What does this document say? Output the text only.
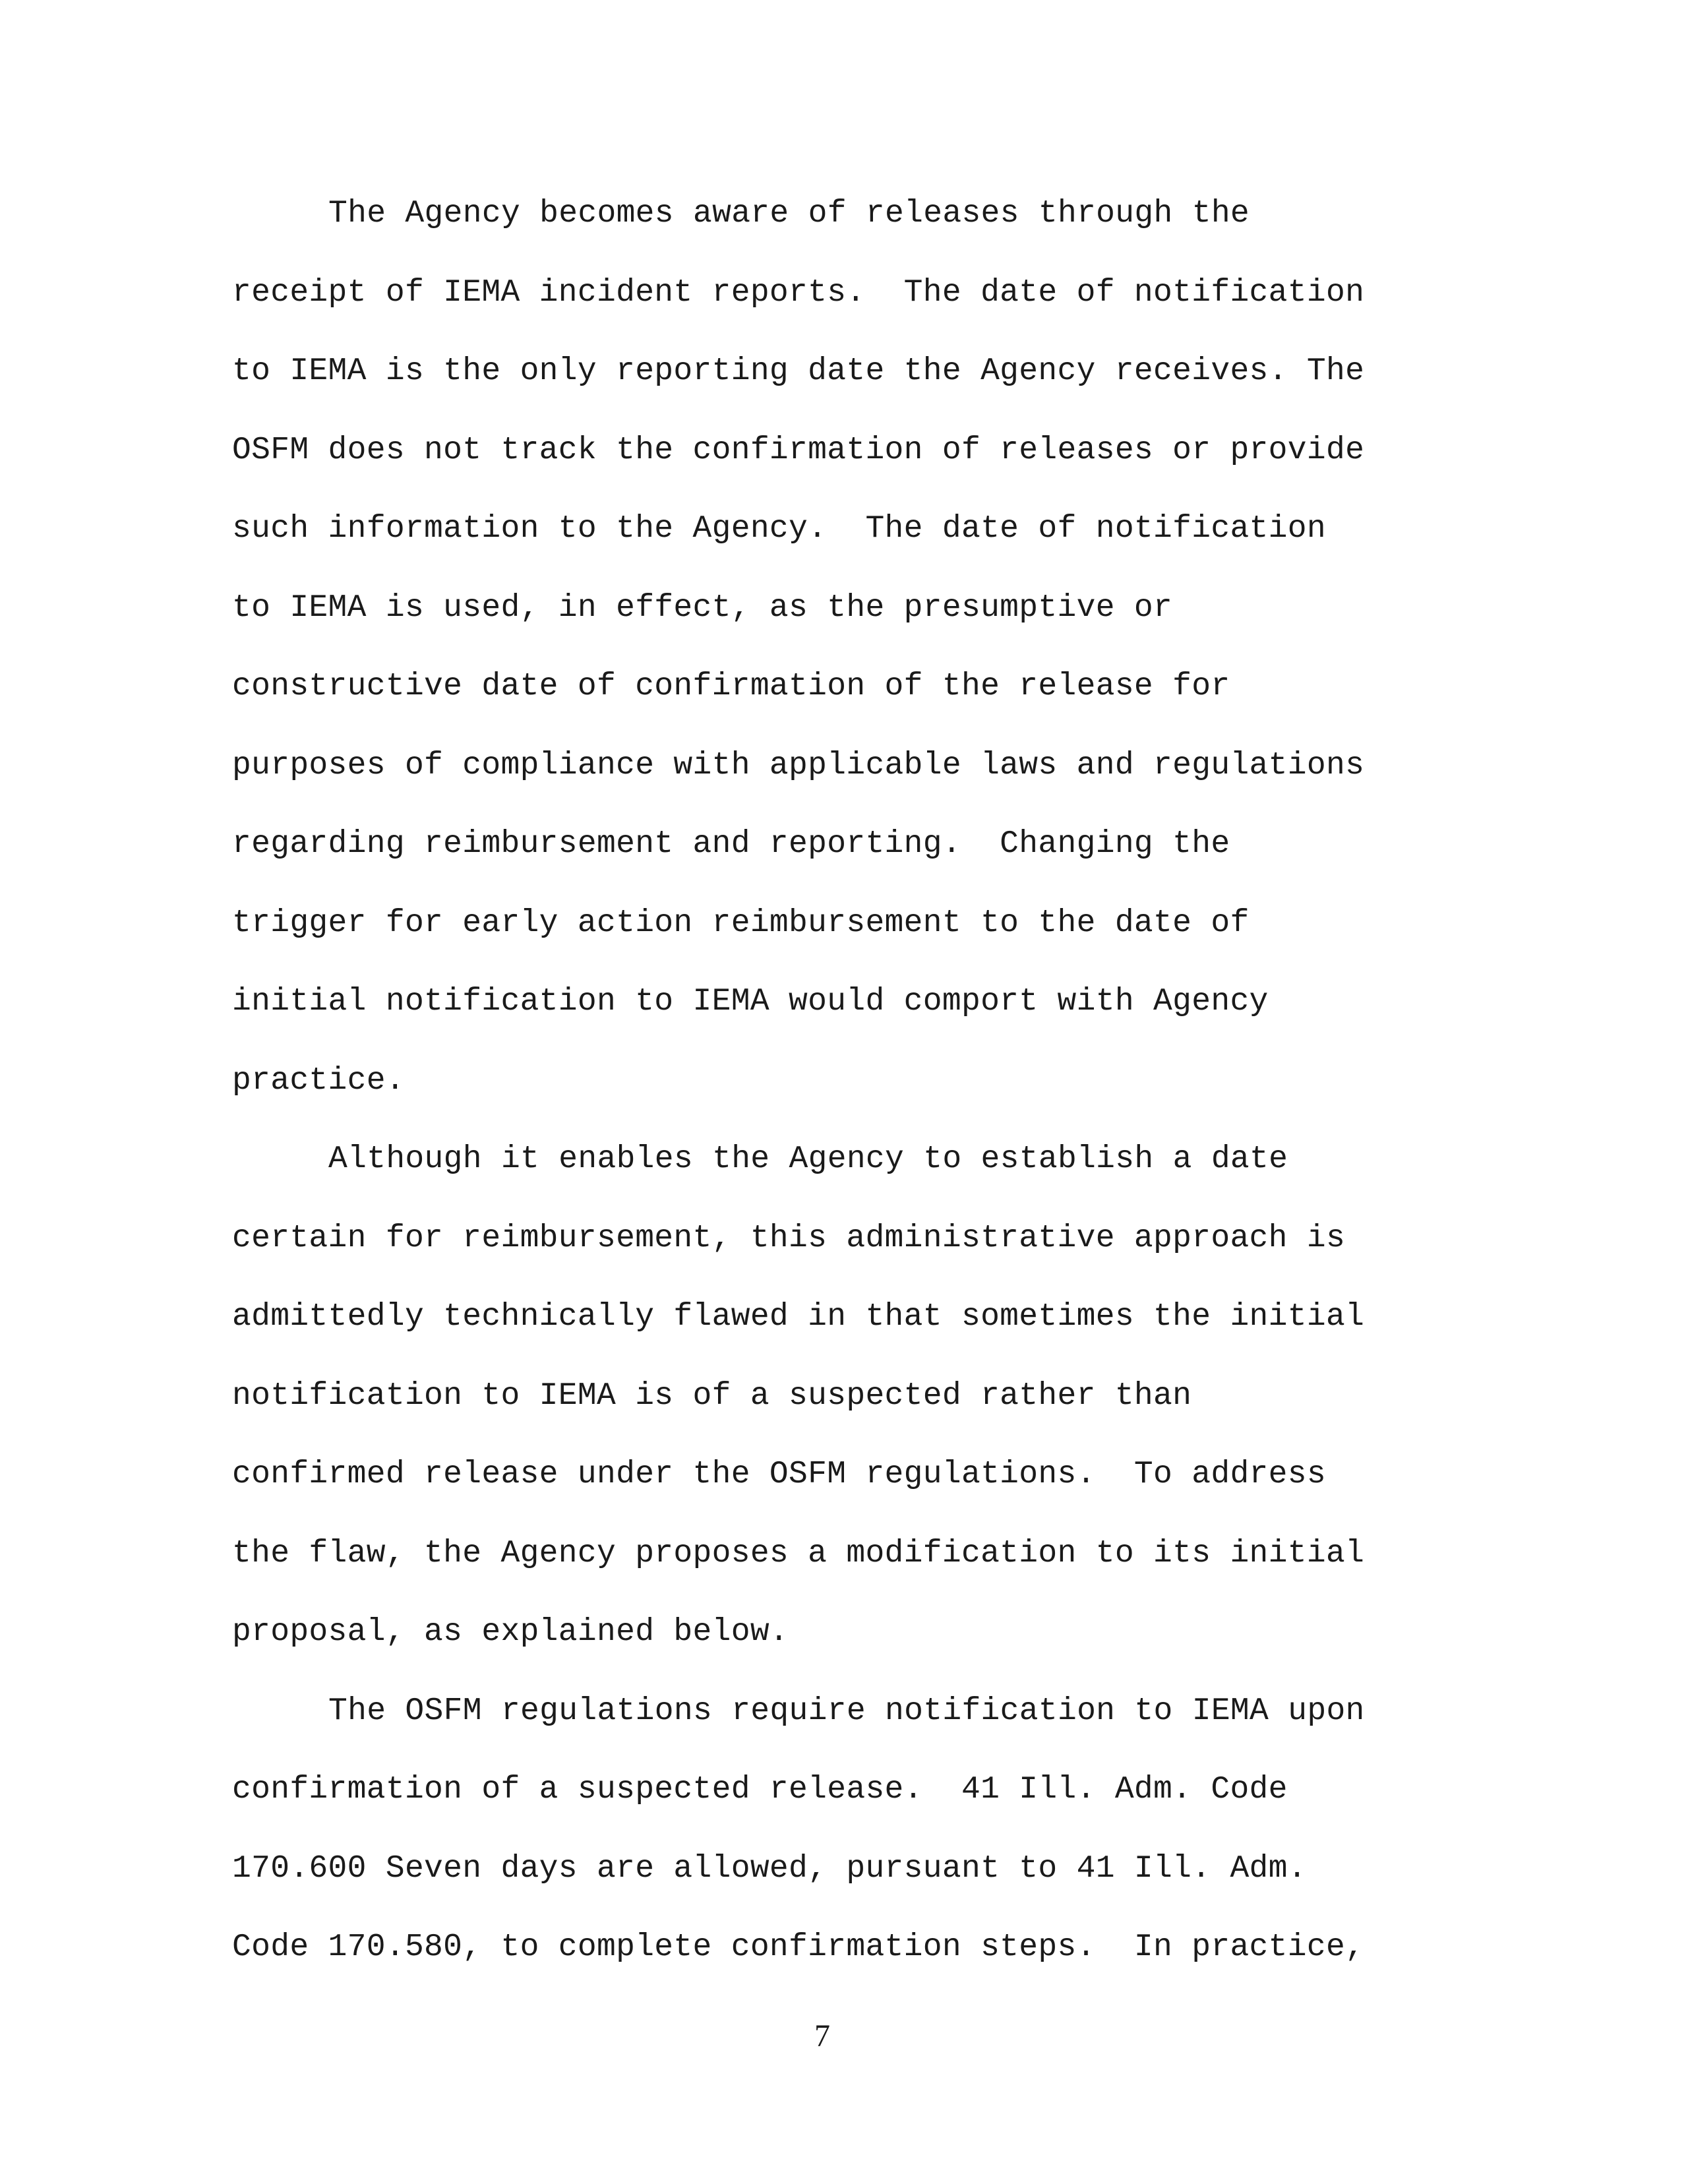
The Agency becomes aware of releases through the
receipt of IEMA incident reports.  The date of notification
to IEMA is the only reporting date the Agency receives. The
OSFM does not track the confirmation of releases or provide
such information to the Agency.  The date of notification
to IEMA is used, in effect, as the presumptive or
constructive date of confirmation of the release for
purposes of compliance with applicable laws and regulations
regarding reimbursement and reporting.  Changing the
trigger for early action reimbursement to the date of
initial notification to IEMA would comport with Agency
practice.
Although it enables the Agency to establish a date
certain for reimbursement, this administrative approach is
admittedly technically flawed in that sometimes the initial
notification to IEMA is of a suspected rather than
confirmed release under the OSFM regulations.  To address
the flaw, the Agency proposes a modification to its initial
proposal, as explained below.
The OSFM regulations require notification to IEMA upon
confirmation of a suspected release.  41 Ill. Adm. Code
170.600 Seven days are allowed, pursuant to 41 Ill. Adm.
Code 170.580, to complete confirmation steps.  In practice,
7
